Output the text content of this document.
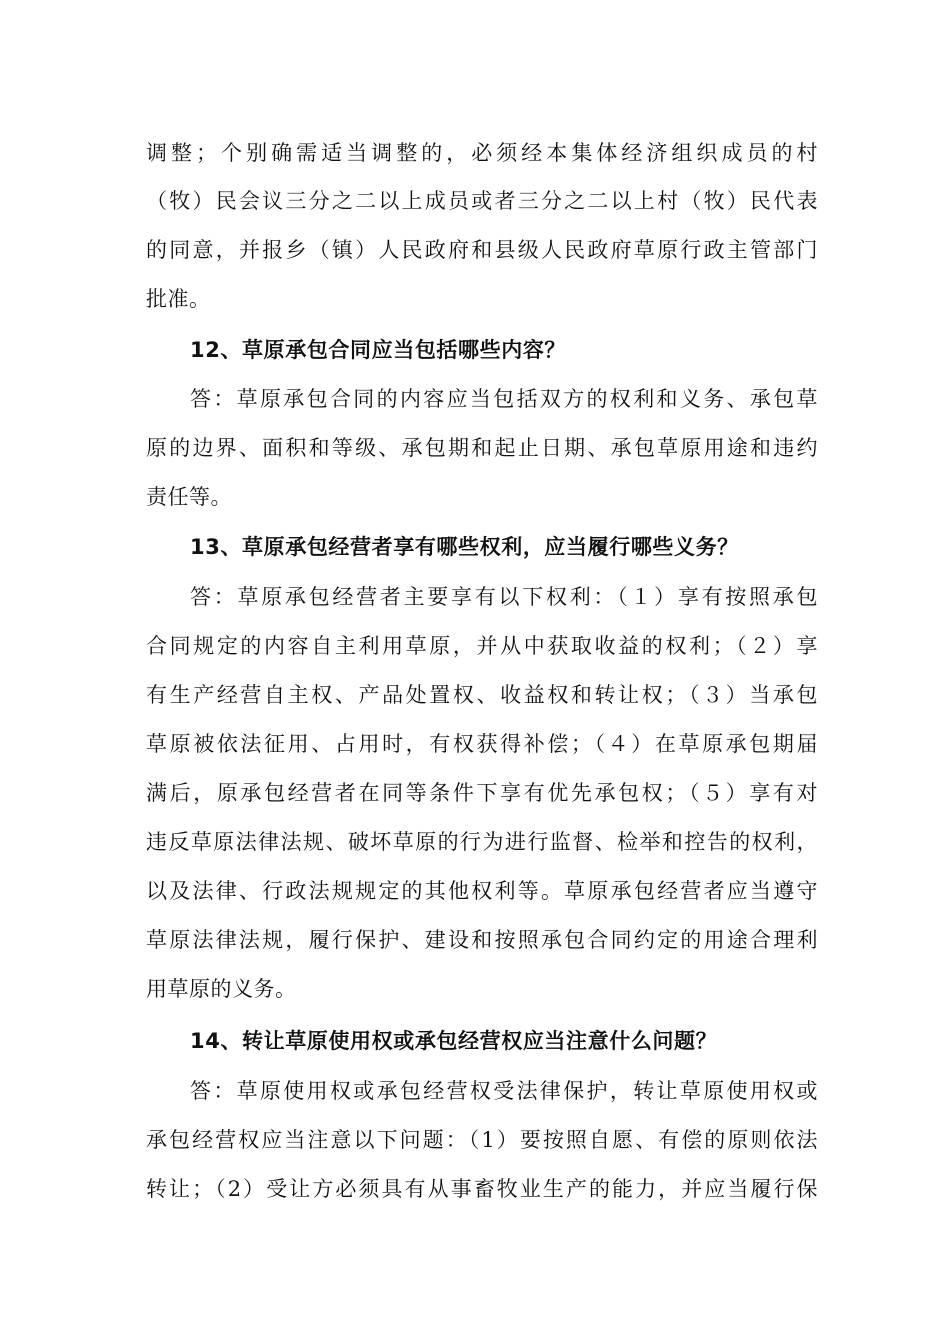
调整；个别确需适当调整的，必须经本集体经济组织成员的村
（牧）民会议三分之二以上成员或者三分之二以上村（牧）民代表
的同意，并报乡（镇）人民政府和县级人民政府草原行政主管部门
批准。
12、草原承包合同应当包括哪些内容？
答：草原承包合同的内容应当包括双方的权利和义务、承包草
原的边界、面积和等级、承包期和起止日期、承包草原用途和违约
责任等。
13、草原承包经营者享有哪些权利，应当履行哪些义务？
答：草原承包经营者主要享有以下权利：（１）享有按照承包
合同规定的内容自主利用草原，并从中获取收益的权利；（２）享
有生产经营自主权、产品处置权、收益权和转让权；（３）当承包
草原被依法征用、占用时，有权获得补偿；（４）在草原承包期届
满后，原承包经营者在同等条件下享有优先承包权；（５）享有对
违反草原法律法规、破坏草原的行为进行监督、检举和控告的权利，
以及法律、行政法规规定的其他权利等。草原承包经营者应当遵守
草原法律法规，履行保护、建设和按照承包合同约定的用途合理利
用草原的义务。
14、转让草原使用权或承包经营权应当注意什么问题？
答：草原使用权或承包经营权受法律保护，转让草原使用权或
承包经营权应当注意以下问题：（1）要按照自愿、有偿的原则依法
转让；（2）受让方必须具有从事畜牧业生产的能力，并应当履行保
